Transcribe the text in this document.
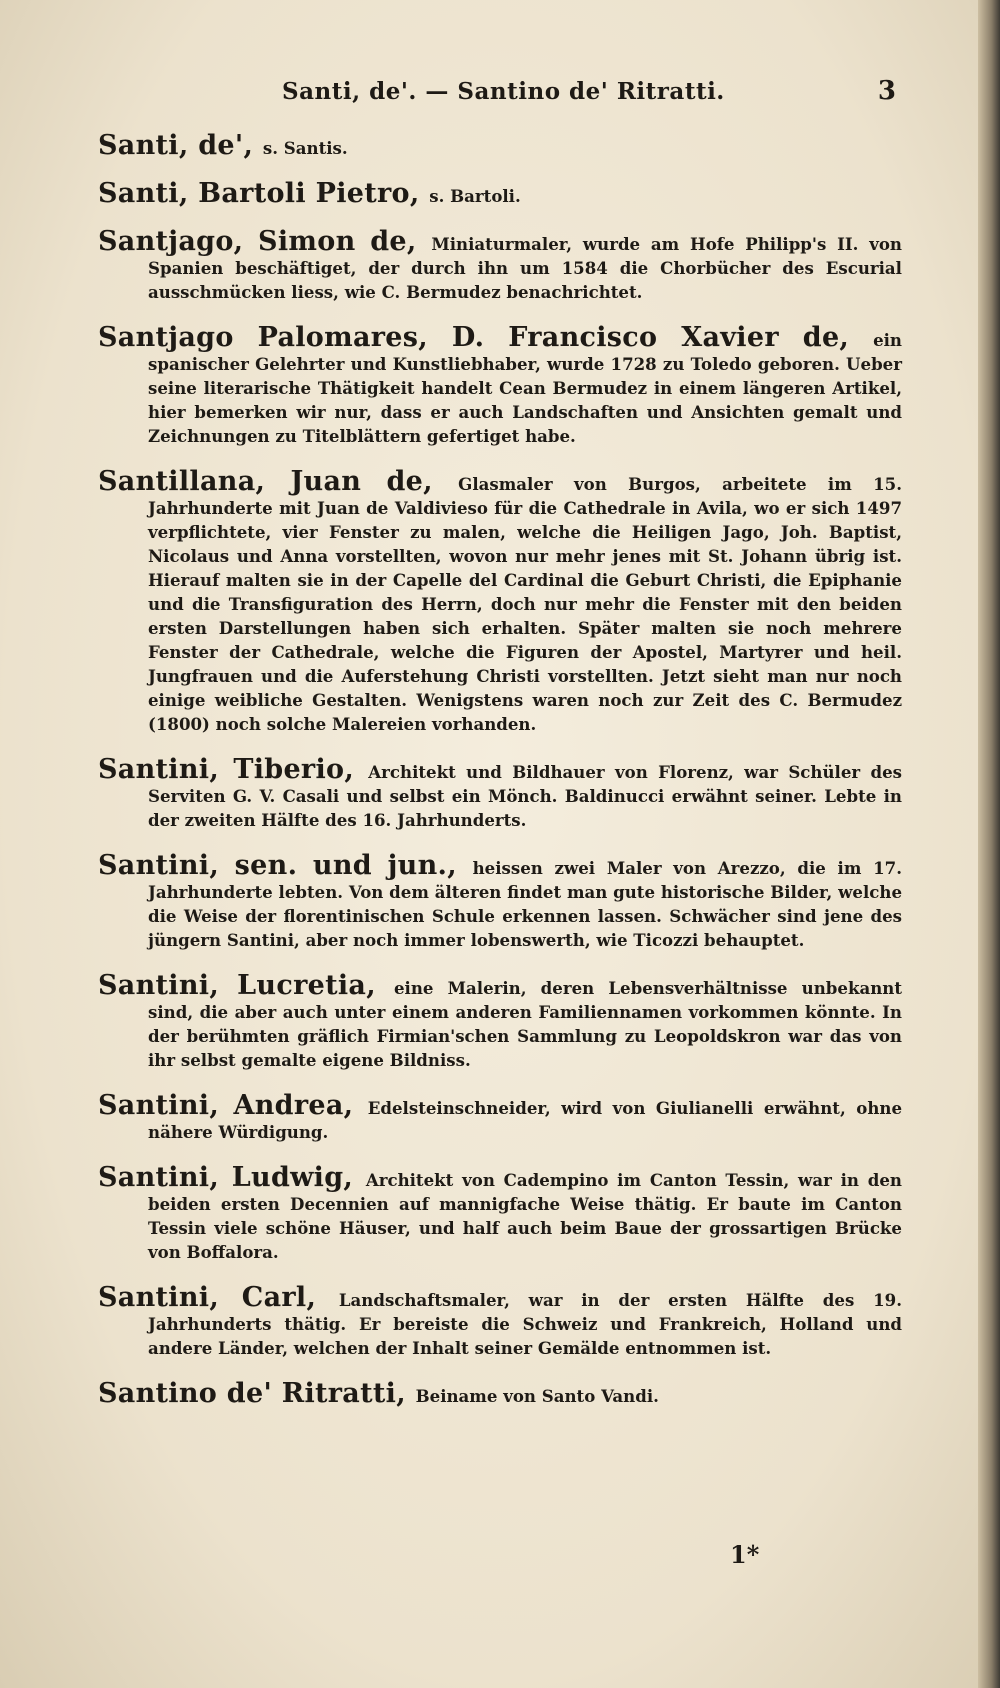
Santi, de'. — Santino de' Ritratti.	3

Santi, de', s. Santis.

Santi, Bartoli Pietro, s. Bartoli.

Santjago, Simon de, Miniaturmaler, wurde am Hofe Philipp's II. von Spanien beschäftiget, der durch ihn um 1584 die Chorbücher des Escurial ausschmücken liess, wie C. Bermudez benachrichtet.

Santjago Palomares, D. Francisco Xavier de, ein spanischer Gelehrter und Kunstliebhaber, wurde 1728 zu Toledo geboren. Ueber seine literarische Thätigkeit handelt Cean Bermudez in einem längeren Artikel, hier bemerken wir nur, dass er auch Landschaften und Ansichten gemalt und Zeichnungen zu Titelblättern gefertiget habe.

Santillana, Juan de, Glasmaler von Burgos, arbeitete im 15. Jahrhunderte mit Juan de Valdivieso für die Cathedrale in Avila, wo er sich 1497 verpflichtete, vier Fenster zu malen, welche die Heiligen Jago, Joh. Baptist, Nicolaus und Anna vorstellten, wovon nur mehr jenes mit St. Johann übrig ist. Hierauf malten sie in der Capelle del Cardinal die Geburt Christi, die Epiphanie und die Transfiguration des Herrn, doch nur mehr die Fenster mit den beiden ersten Darstellungen haben sich erhalten. Später malten sie noch mehrere Fenster der Cathedrale, welche die Figuren der Apostel, Martyrer und heil. Jungfrauen und die Auferstehung Christi vorstellten. Jetzt sieht man nur noch einige weibliche Gestalten. Wenigstens waren noch zur Zeit des C. Bermudez (1800) noch solche Malereien vorhanden.

Santini, Tiberio, Architekt und Bildhauer von Florenz, war Schüler des Serviten G. V. Casali und selbst ein Mönch. Baldinucci erwähnt seiner. Lebte in der zweiten Hälfte des 16. Jahrhunderts.

Santini, sen. und jun., heissen zwei Maler von Arezzo, die im 17. Jahrhunderte lebten. Von dem älteren findet man gute historische Bilder, welche die Weise der florentinischen Schule erkennen lassen. Schwächer sind jene des jüngern Santini, aber noch immer lobenswerth, wie Ticozzi behauptet.

Santini, Lucretia, eine Malerin, deren Lebensverhältnisse unbekannt sind, die aber auch unter einem anderen Familiennamen vorkommen könnte. In der berühmten gräflich Firmian'schen Sammlung zu Leopoldskron war das von ihr selbst gemalte eigene Bildniss.

Santini, Andrea, Edelsteinschneider, wird von Giulianelli erwähnt, ohne nähere Würdigung.

Santini, Ludwig, Architekt von Cadempino im Canton Tessin, war in den beiden ersten Decennien auf mannigfache Weise thätig. Er baute im Canton Tessin viele schöne Häuser, und half auch beim Baue der grossartigen Brücke von Boffalora.

Santini, Carl, Landschaftsmaler, war in der ersten Hälfte des 19. Jahrhunderts thätig. Er bereiste die Schweiz und Frankreich, Holland und andere Länder, welchen der Inhalt seiner Gemälde entnommen ist.

Santino de' Ritratti, Beiname von Santo Vandi.

1*
